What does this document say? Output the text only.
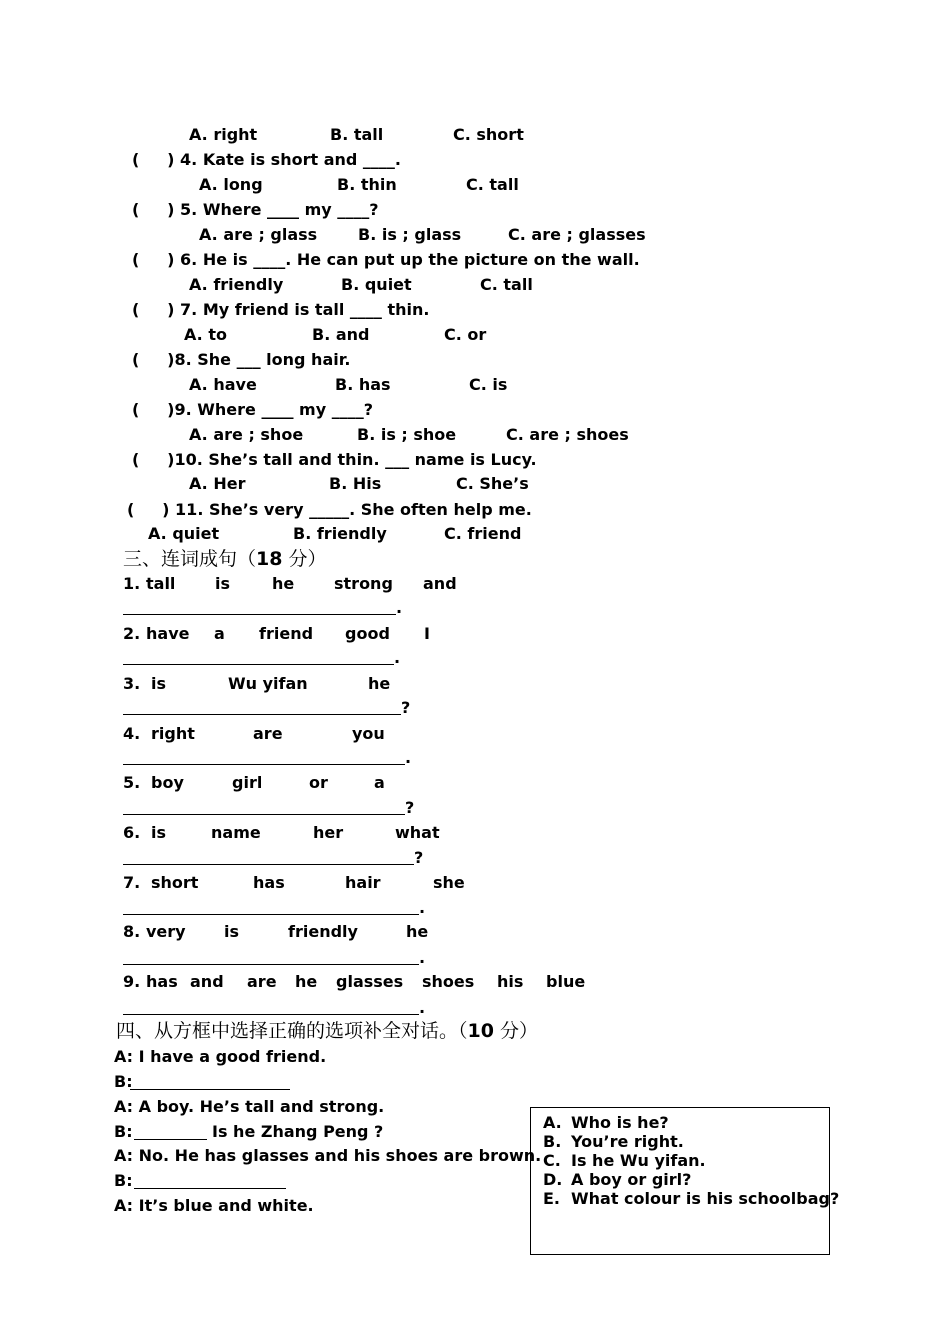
A. right	B. tall	C. short
(     ) 4. Kate is short and ____.
A. long	B. thin	C. tall
(     ) 5. Where ____ my ____?
A. are ; glass	B. is ; glass	C. are ; glasses
(     ) 6. He is ____. He can put up the picture on the wall.
A. friendly	B. quiet	C. tall
(     ) 7. My friend is tall ____ thin.
A. to	B. and	C. or
(     )8. She ___ long hair.
A. have	B. has	C. is
(     )9. Where ____ my ____?
A. are ; shoe	B. is ; shoe	C. are ; shoes
(     )10. She’s tall and thin. ___ name is Lucy.
A. Her	B. His	C. She’s
(     ) 11. She’s very _____. She often help me.
A. quiet	B. friendly	C. friend
三、连词成句（18 分）
1. tall is	he strong and
.
2. have a friend good I
.
3. is	Wu yifan	he
?
4. right	are	you
.
5. boy	girl	or	a
?
6. is	name	her	what
?
7. short	has	hair	she
.
8. very is	friendly	he
.
9. has and are he glasses shoes his blue
.
四、从方框中选择正确的选项补全对话。（10 分）
A: I have a good friend.
B:
A: A boy. He’s tall and strong.
B:	Is he Zhang Peng ?
A: No. He has glasses and his shoes are brown.
B:
A: It’s blue and white.
A. Who is he?
B. You’re right.
C. Is he Wu yifan.
D. A boy or girl?
E. What colour is his schoolbag?
